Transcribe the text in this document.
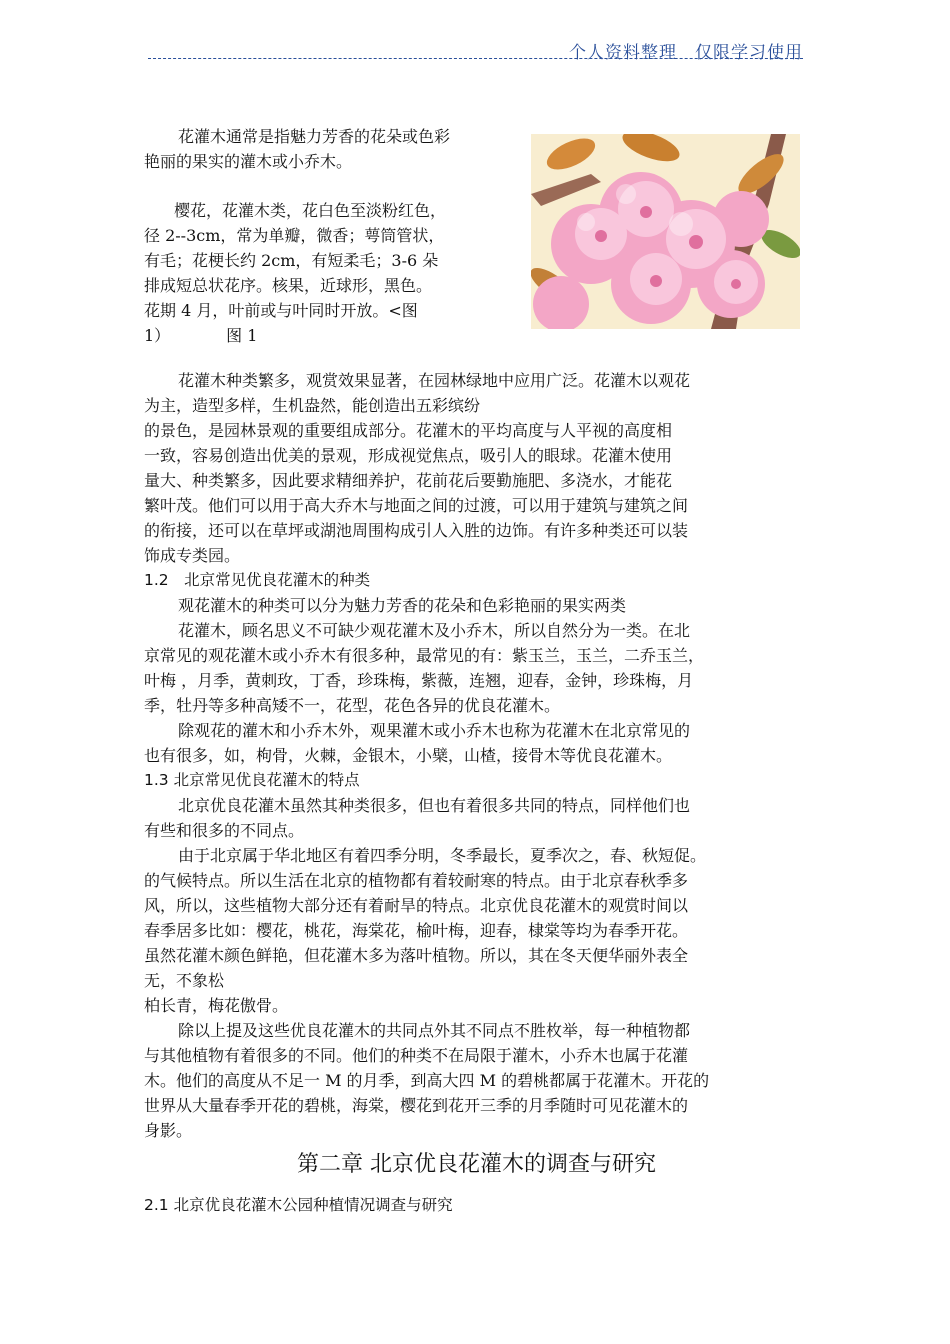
个人资料整理　仅限学习使用
花灌木通常是指魅力芳香的花朵或色彩
艳丽的果实的灌木或小乔木。
樱花，花灌木类，花白色至淡粉红色，
径 2--3cm，常为单瓣，微香；萼筒管状，
有毛；花梗长约 2cm，有短柔毛；3-6 朵
排成短总状花序。核果，近球形，黑色。
花期 4 月，叶前或与叶同时开放。<图
1）　　　　图 1
花灌木种类繁多，观赏效果显著，在园林绿地中应用广泛。花灌木以观花
为主，造型多样，生机盎然，能创造出五彩缤纷
的景色，是园林景观的重要组成部分。花灌木的平均高度与人平视的高度相
一致，容易创造出优美的景观，形成视觉焦点，吸引人的眼球。花灌木使用
量大、种类繁多，因此要求精细养护，花前花后要勤施肥、多浇水，才能花
繁叶茂。他们可以用于高大乔木与地面之间的过渡，可以用于建筑与建筑之间
的衔接，还可以在草坪或湖池周围构成引人入胜的边饰。有许多种类还可以装
饰成专类园。
1.2　北京常见优良花灌木的种类
观花灌木的种类可以分为魅力芳香的花朵和色彩艳丽的果实两类
花灌木，顾名思义不可缺少观花灌木及小乔木，所以自然分为一类。在北
京常见的观花灌木或小乔木有很多种，最常见的有：紫玉兰，玉兰，二乔玉兰，
叶梅 ，月季，黄刺玫，丁香，珍珠梅，紫薇，连翘，迎春，金钟，珍珠梅，月
季，牡丹等多种高矮不一，花型，花色各异的优良花灌木。
除观花的灌木和小乔木外，观果灌木或小乔木也称为花灌木在北京常见的
也有很多，如，枸骨，火棘，金银木，小檗，山楂，接骨木等优良花灌木。
1.3 北京常见优良花灌木的特点
北京优良花灌木虽然其种类很多，但也有着很多共同的特点，同样他们也
有些和很多的不同点。
由于北京属于华北地区有着四季分明，冬季最长，夏季次之，春、秋短促。
的气候特点。所以生活在北京的植物都有着较耐寒的特点。由于北京春秋季多
风，所以，这些植物大部分还有着耐旱的特点。北京优良花灌木的观赏时间以
春季居多比如：樱花，桃花，海棠花，榆叶梅，迎春，棣棠等均为春季开花。
虽然花灌木颜色鲜艳，但花灌木多为落叶植物。所以，其在冬天便华丽外表全
无，不象松
柏长青，梅花傲骨。
除以上提及这些优良花灌木的共同点外其不同点不胜枚举，每一种植物都
与其他植物有着很多的不同。他们的种类不在局限于灌木，小乔木也属于花灌
木。他们的高度从不足一 M 的月季，到高大四 M 的碧桃都属于花灌木。开花的
世界从大量春季开花的碧桃，海棠，樱花到花开三季的月季随时可见花灌木的
身影。
第二章 北京优良花灌木的调查与研究
2.1 北京优良花灌木公园种植情况调查与研究
